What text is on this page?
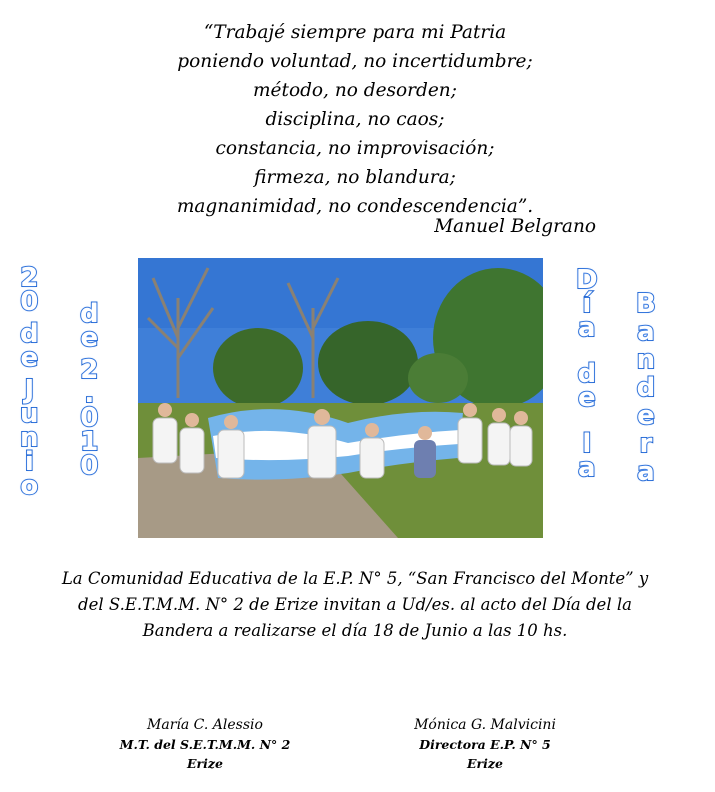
“Trabajé siempre para mi Patria
poniendo voluntad, no incertidumbre;
método, no desorden;
disciplina, no caos;
constancia, no improvisación;
firmeza, no blandura;
magnanimidad, no condescendencia”.
Manuel Belgrano
2
0
d
e
J
u
n
i
o
d
e
2
.
0
1
0
D
í
a
d
e
l
a
B
a
n
d
e
r
a
La Comunidad Educativa de la E.P. N° 5, “San Francisco del Monte” y
del S.E.T.M.M. N° 2 de Erize invitan a Ud/es. al acto del Día del la
Bandera a realizarse el día 18 de Junio a las 10 hs.
María C. Alessio
M.T. del S.E.T.M.M. N° 2
Erize
Mónica G. Malvicini
Directora E.P. N° 5
Erize
